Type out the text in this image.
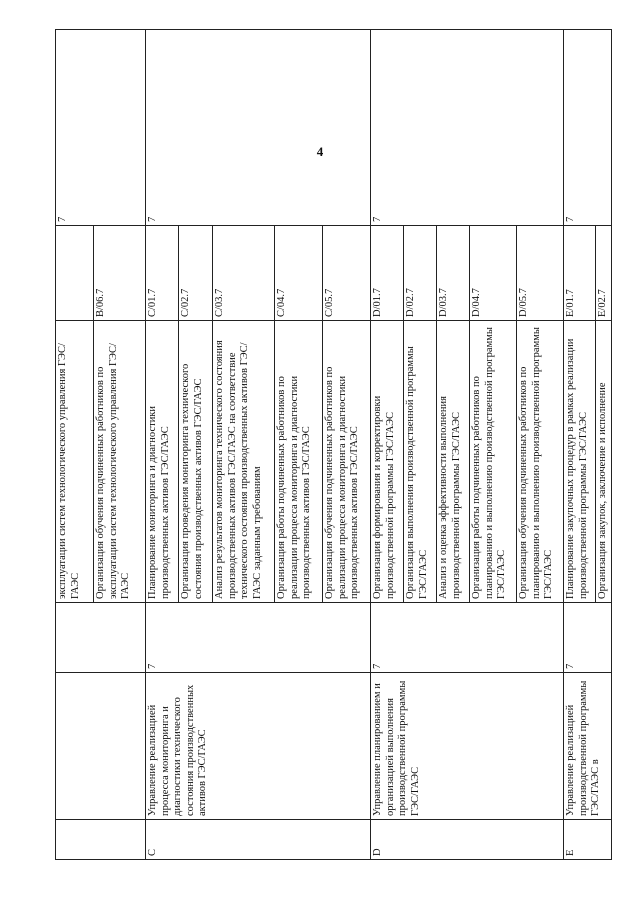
4
			эксплуатации систем технологического управления ГЭС/ГАЭС		7
			Организация обучения подчиненных работников по эксплуатации систем технологического управления ГЭС/ГАЭС	B/06.7	
C	Управление реализацией процесса мониторинга и диагностики технического состояния производственных активов ГЭС/ГАЭС	7	Планирование мониторинга и диагностики производственных активов ГЭС/ГАЭС	C/01.7	7
			Организация проведения мониторинга технического состояния производственных активов ГЭС/ГАЭС	C/02.7	
			Анализ результатов мониторинга технического состояния производственных активов ГЭС/ГАЭС на соответствие технического состояния производственных активов ГЭС/ГАЭС заданным требованиям	C/03.7	
			Организация работы подчиненных работников по реализации процесса мониторинга и диагностики производственных активов ГЭС/ГАЭС	C/04.7	
			Организация обучения подчиненных работников по реализации процесса мониторинга и диагностики производственных активов ГЭС/ГАЭС	C/05.7	
D	Управление планированием и организацией выполнения производственной программы ГЭС/ГАЭС	7	Организация формирования и корректировки производственной программы ГЭС/ГАЭС	D/01.7	7
			Организация выполнения производственной программы ГЭС/ГАЭС	D/02.7	
			Анализ и оценка эффективности выполнения производственной программы ГЭС/ГАЭС	D/03.7	
			Организация работы подчиненных работников по планированию и выполнению производственной программы ГЭС/ГАЭС	D/04.7	
			Организация обучения подчиненных работников по планированию и выполнению производственной программы ГЭС/ГАЭС	D/05.7	
E	Управление реализацией производственной программы ГЭС/ГАЭС в	7	Планирование закупочных процедур в рамках реализации производственной программы ГЭС/ГАЭС	E/01.7	7
			Организация закупок, заключение и исполнение	E/02.7	
